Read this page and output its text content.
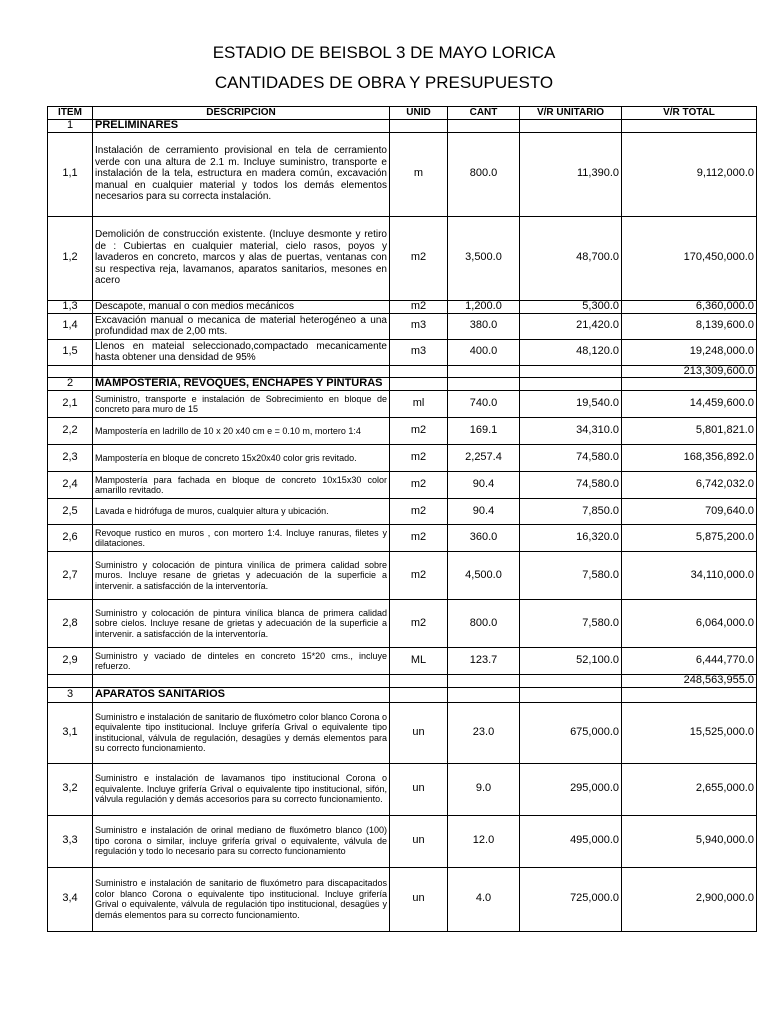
ESTADIO DE BEISBOL 3 DE MAYO LORICA
CANTIDADES DE OBRA Y PRESUPUESTO
ITEM	DESCRIPCION	UNID	CANT	V/R UNITARIO	V/R TOTAL
1	PRELIMINARES				
1,1	Instalación de cerramiento provisional en tela de cerramiento verde con una altura de 2.1 m. Incluye suministro, transporte e instalación de la tela, estructura en madera común, excavación manual en cualquier material y todos los demás elementos necesarios para su correcta instalación.	m	800.0	11,390.0	9,112,000.0
1,2	Demolición de construcción existente. (Incluye desmonte y retiro de : Cubiertas en cualquier material, cielo rasos, poyos y lavaderos en concreto, marcos y alas de puertas, ventanas con su respectiva reja, lavamanos, aparatos sanitarios, mesones en acero	m2	3,500.0	48,700.0	170,450,000.0
1,3	Descapote, manual o con medios mecánicos	m2	1,200.0	5,300.0	6,360,000.0
1,4	Excavación manual o mecanica de material heterogéneo a una profundidad max de 2,00 mts.	m3	380.0	21,420.0	8,139,600.0
1,5	Llenos en mateial seleccionado,compactado mecanicamente hasta obtener una densidad de 95%	m3	400.0	48,120.0	19,248,000.0
					213,309,600.0
2	MAMPOSTERIA, REVOQUES, ENCHAPES Y PINTURAS				
2,1	Suministro, transporte e instalación de Sobrecimiento en bloque de concreto para muro de 15	ml	740.0	19,540.0	14,459,600.0
2,2	Mampostería en ladrillo de 10 x 20 x40 cm e = 0.10 m, mortero 1:4	m2	169.1	34,310.0	5,801,821.0
2,3	Mampostería en bloque de concreto 15x20x40 color gris revitado.	m2	2,257.4	74,580.0	168,356,892.0
2,4	Mampostería para fachada en bloque de concreto 10x15x30 color amarillo revitado.	m2	90.4	74,580.0	6,742,032.0
2,5	Lavada e hidrófuga de muros, cualquier altura y ubicación.	m2	90.4	7,850.0	709,640.0
2,6	Revoque rustico en muros , con mortero 1:4. Incluye ranuras, filetes y dilataciones.	m2	360.0	16,320.0	5,875,200.0
2,7	Suministro y colocación de pintura vinílica de primera calidad sobre muros. Incluye resane de grietas y adecuación de la superficie a intervenir. a satisfacción de la interventoría.	m2	4,500.0	7,580.0	34,110,000.0
2,8	Suministro y colocación de pintura vinílica blanca de primera calidad sobre cielos. Incluye resane de grietas y adecuación de la superficie a intervenir. a satisfacción de la interventoría.	m2	800.0	7,580.0	6,064,000.0
2,9	Suministro y vaciado de dinteles en concreto 15*20 cms., incluye refuerzo.	ML	123.7	52,100.0	6,444,770.0
					248,563,955.0
3	APARATOS SANITARIOS				
3,1	Suministro e instalación de sanitario de fluxómetro color blanco Corona o equivalente tipo institucional. Incluye grifería Grival o equivalente tipo institucional, válvula de regulación, desagües y demás elementos para su correcto funcionamiento.	un	23.0	675,000.0	15,525,000.0
3,2	Suministro e instalación de lavamanos tipo institucional Corona o equivalente. Incluye grifería Grival o equivalente tipo institucional, sifón, válvula regulación y demás accesorios para su correcto funcionamiento.	un	9.0	295,000.0	2,655,000.0
3,3	Suministro e instalación de orinal mediano de fluxómetro blanco (100) tipo corona o similar, incluye grifería grival o equivalente, válvula de regulación y todo lo necesario para su correcto funcionamiento	un	12.0	495,000.0	5,940,000.0
3,4	Suministro e instalación de sanitario de fluxómetro para discapacitados color blanco Corona o equivalente tipo institucional. Incluye grifería Grival o equivalente, válvula de regulación tipo institucional, desagües y demás elementos para su correcto funcionamiento.	un	4.0	725,000.0	2,900,000.0
